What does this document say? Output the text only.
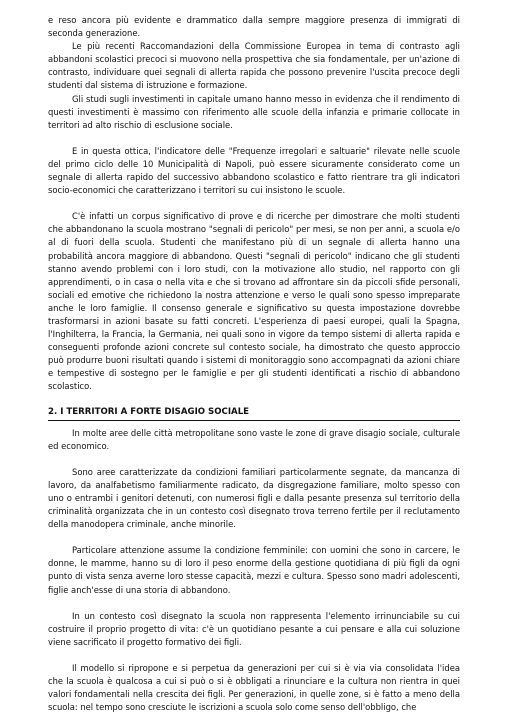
e reso ancora più evidente e drammatico dalla sempre maggiore presenza di immigrati di seconda generazione.

Le più recenti Raccomandazioni della Commissione Europea in tema di contrasto agli abbandoni scolastici precoci si muovono nella prospettiva che sia fondamentale, per un'azione di contrasto, individuare quei segnali di allerta rapida che possono prevenire l'uscita precoce degli studenti dal sistema di istruzione e formazione.

Gli studi sugli investimenti in capitale umano hanno messo in evidenza che il rendimento di questi investimenti è massimo con riferimento alle scuole della infanzia e primarie collocate in territori ad alto rischio di esclusione sociale.

E in questa ottica, l'indicatore delle "Frequenze irregolari e saltuarie" rilevate nelle scuole del primo ciclo delle 10 Municipalità di Napoli, può essere sicuramente considerato come un segnale di allerta rapido del successivo abbandono scolastico e fatto rientrare tra gli indicatori socio-economici che caratterizzano i territori su cui insistono le scuole.

C'è infatti un corpus significativo di prove e di ricerche per dimostrare che molti studenti che abbandonano la scuola mostrano "segnali di pericolo" per mesi, se non per anni, a scuola e/o al di fuori della scuola. Studenti che manifestano più di un segnale di allerta hanno una probabilità ancora maggiore di abbandono. Questi "segnali di pericolo" indicano che gli studenti stanno avendo problemi con i loro studi, con la motivazione allo studio, nel rapporto con gli apprendimenti, o in casa o nella vita e che si trovano ad affrontare sin da piccoli sfide personali, sociali ed emotive che richiedono la nostra attenzione e verso le quali sono spesso impreparate anche le loro famiglie. Il consenso generale e significativo su questa impostazione dovrebbe trasformarsi in azioni basate su fatti concreti. L'esperienza di paesi europei, quali la Spagna, l'Inghilterra, la Francia, la Germania, nei quali sono in vigore da tempo sistemi di allerta rapida e conseguenti profonde azioni concrete sul contesto sociale, ha dimostrato che questo approccio può produrre buoni risultati quando i sistemi di monitoraggio sono accompagnati da azioni chiare e tempestive di sostegno per le famiglie e per gli studenti identificati a rischio di abbandono scolastico.

2. I TERRITORI A FORTE DISAGIO SOCIALE

In molte aree delle città metropolitane sono vaste le zone di grave disagio sociale, culturale ed economico.

Sono aree caratterizzate da condizioni familiari particolarmente segnate, da mancanza di lavoro, da analfabetismo familiarmente radicato, da disgregazione familiare, molto spesso con uno o entrambi i genitori detenuti, con numerosi figli e dalla pesante presenza sul territorio della criminalità organizzata che in un contesto così disegnato trova terreno fertile per il reclutamento della manodopera criminale, anche minorile.

Particolare attenzione assume la condizione femminile: con uomini che sono in carcere, le donne, le mamme, hanno su di loro il peso enorme della gestione quotidiana di più figli da ogni punto di vista senza averne loro stesse capacità, mezzi e cultura. Spesso sono madri adolescenti, figlie anch'esse di una storia di abbandono.

In un contesto così disegnato la scuola non rappresenta l'elemento irrinunciabile su cui costruire il proprio progetto di vita: c'è un quotidiano pesante a cui pensare e alla cui soluzione viene sacrificato il progetto formativo dei figli.

Il modello si ripropone e si perpetua da generazioni per cui si è via via consolidata l'idea che la scuola è qualcosa a cui si può o si è obbligati a rinunciare e la cultura non rientra in quei valori fondamentali nella crescita dei figli. Per generazioni, in quelle zone, si è fatto a meno della scuola: nel tempo sono cresciute le iscrizioni a scuola solo come senso dell'obbligo, che
